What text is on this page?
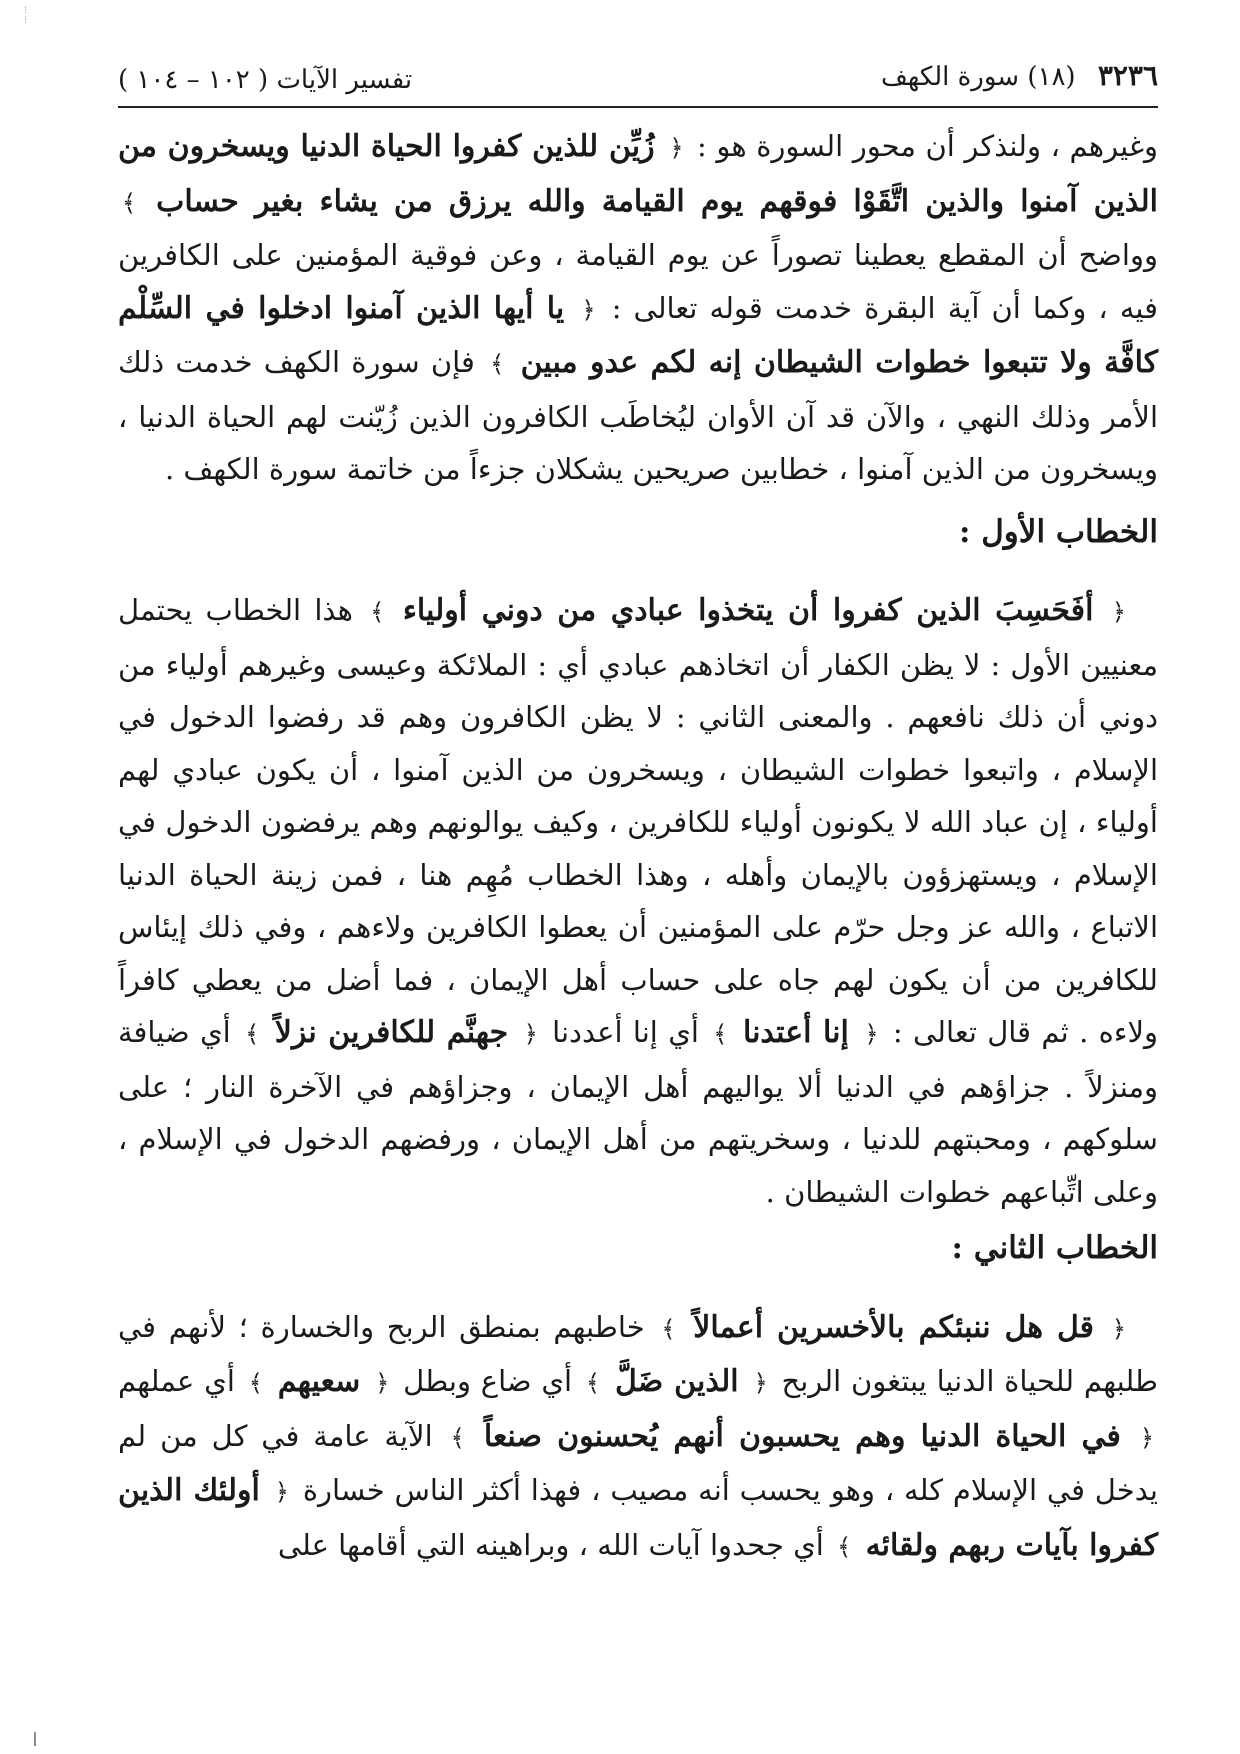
⁝
⁝
٣٢٣٦ (١٨) سورة الكهف
تفسير الآيات ( ١٠٢ – ١٠٤ )

وغيرهم ، ولنذكر أن محور السورة هو : ﴿ زُيِّن للذين كفروا الحياة الدنيا ويسخرون من الذين آمنوا والذين اتَّقَوْا فوقهم يوم القيامة والله يرزق من يشاء بغير حساب ﴾ وواضح أن المقطع يعطينا تصوراً عن يوم القيامة ، وعن فوقية المؤمنين على الكافرين فيه ، وكما أن آية البقرة خدمت قوله تعالى : ﴿ يا أيها الذين آمنوا ادخلوا في السِّلْم كافَّة ولا تتبعوا خطوات الشيطان إنه لكم عدو مبين ﴾ فإن سورة الكهف خدمت ذلك الأمر وذلك النهي ، والآن قد آن الأوان ليُخاطَب الكافرون الذين زُيّنت لهم الحياة الدنيا ، ويسخرون من الذين آمنوا ، خطابين صريحين يشكلان جزءاً من خاتمة سورة الكهف .

الخطاب الأول :

﴿ أفَحَسِبَ الذين كفروا أن يتخذوا عبادي من دوني أولياء ﴾ هذا الخطاب يحتمل معنيين الأول : لا يظن الكفار أن اتخاذهم عبادي أي : الملائكة وعيسى وغيرهم أولياء من دوني أن ذلك نافعهم . والمعنى الثاني : لا يظن الكافرون وهم قد رفضوا الدخول في الإسلام ، واتبعوا خطوات الشيطان ، ويسخرون من الذين آمنوا ، أن يكون عبادي لهم أولياء ، إن عباد الله لا يكونون أولياء للكافرين ، وكيف يوالونهم وهم يرفضون الدخول في الإسلام ، ويستهزؤون بالإيمان وأهله ، وهذا الخطاب مُهِم هنا ، فمن زينة الحياة الدنيا الاتباع ، والله عز وجل حرّم على المؤمنين أن يعطوا الكافرين ولاءهم ، وفي ذلك إيئاس للكافرين من أن يكون لهم جاه على حساب أهل الإيمان ، فما أضل من يعطي كافراً ولاءه . ثم قال تعالى : ﴿ إنا أعتدنا ﴾ أي إنا أعددنا ﴿ جهنَّم للكافرين نزلاً ﴾ أي ضيافة ومنزلاً . جزاؤهم في الدنيا ألا يواليهم أهل الإيمان ، وجزاؤهم في الآخرة النار ؛ على سلوكهم ، ومحبتهم للدنيا ، وسخريتهم من أهل الإيمان ، ورفضهم الدخول في الإسلام ، وعلى اتِّباعهم خطوات الشيطان .

الخطاب الثاني :

﴿ قل هل ننبئكم بالأخسرين أعمالاً ﴾ خاطبهم بمنطق الربح والخسارة ؛ لأنهم في طلبهم للحياة الدنيا يبتغون الربح ﴿ الذين ضَلَّ ﴾ أي ضاع وبطل ﴿ سعيهم ﴾ أي عملهم ﴿ في الحياة الدنيا وهم يحسبون أنهم يُحسنون صنعاً ﴾ الآية عامة في كل من لم يدخل في الإسلام كله ، وهو يحسب أنه مصيب ، فهذا أكثر الناس خسارة ﴿ أولئك الذين كفروا بآيات ربهم ولقائه ﴾ أي جحدوا آيات الله ، وبراهينه التي أقامها على
